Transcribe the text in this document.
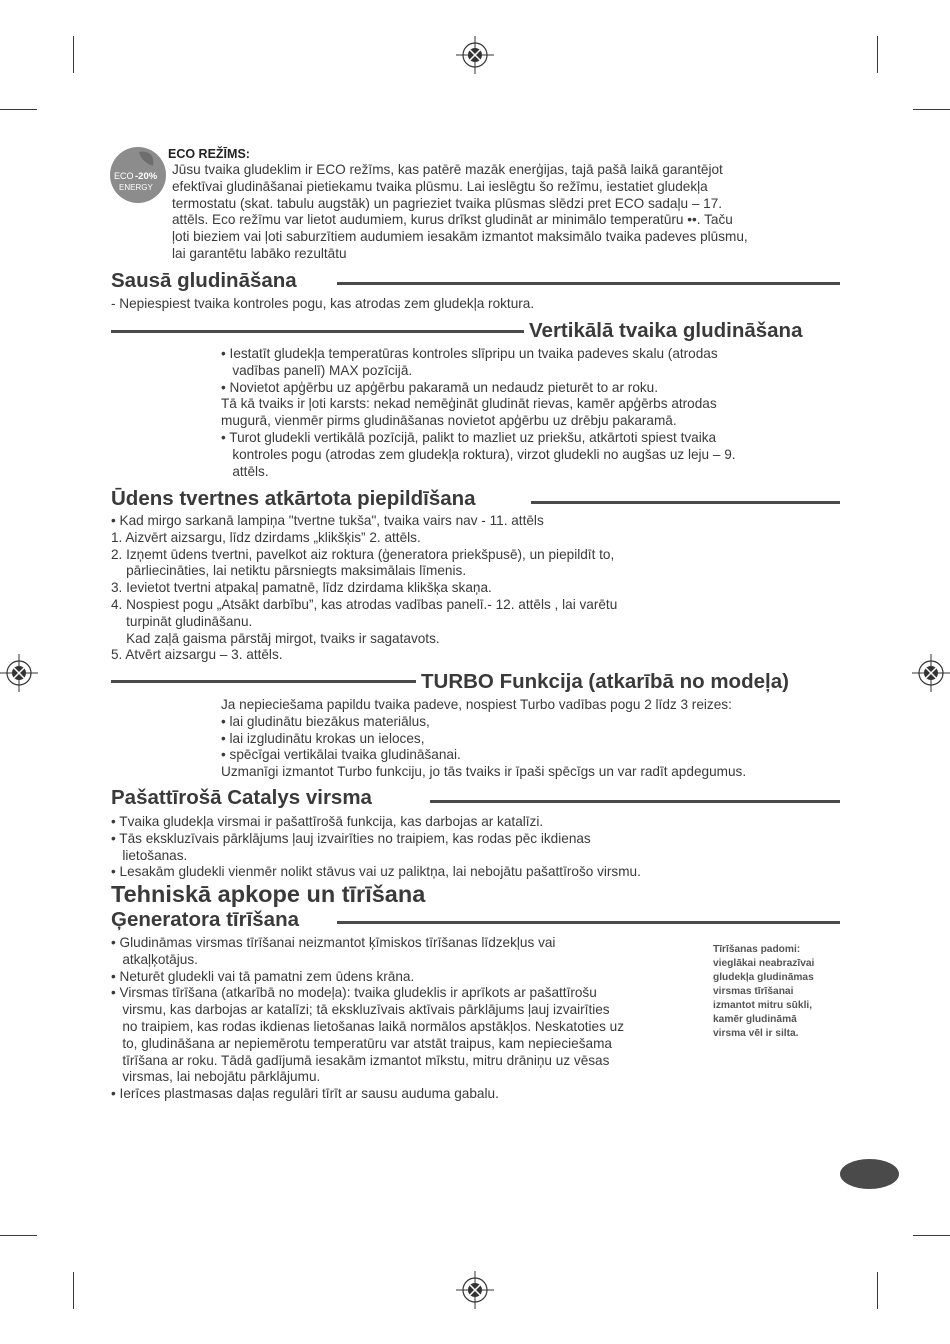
ECO -20%
ENERGY
ECO REŽĪMS:
Jūsu tvaika gludeklim ir ECO režīms, kas patērē mazāk enerģijas, tajā pašā laikā garantējot
efektīvai gludināšanai pietiekamu tvaika plūsmu. Lai ieslēgtu šo režīmu, iestatiet gludekļa
termostatu (skat. tabulu augstāk) un pagrieziet tvaika plūsmas slēdzi pret ECO sadaļu – 17.
attēls. Eco režīmu var lietot audumiem, kurus drīkst gludināt ar minimālo temperatūru ••. Taču
ļoti bieziem vai ļoti saburzītiem audumiem iesakām izmantot maksimālo tvaika padeves plūsmu,
lai garantētu labāko rezultātu
Sausā gludināšana
- Nepiespiest tvaika kontroles pogu, kas atrodas zem gludekļa roktura.
Vertikālā tvaika gludināšana
• Iestatīt gludekļa temperatūras kontroles slīpripu un tvaika padeves skalu (atrodas
vadības panelī) MAX pozīcijā.
• Novietot apģērbu uz apģērbu pakaramā un nedaudz pieturēt to ar roku.
Tā kā tvaiks ir ļoti karsts: nekad nemēģināt gludināt rievas, kamēr apģērbs atrodas
mugurā, vienmēr pirms gludināšanas novietot apģērbu uz drēbju pakaramā.
• Turot gludekli vertikālā pozīcijā, palikt to mazliet uz priekšu, atkārtoti spiest tvaika
kontroles pogu (atrodas zem gludekļa roktura), virzot gludekli no augšas uz leju – 9.
attēls.
Ūdens tvertnes atkārtota piepildīšana
• Kad mirgo sarkanā lampiņa "tvertne tukša", tvaika vairs nav - 11. attēls
1. Aizvērt aizsargu, līdz dzirdams „klikšķis” 2. attēls.
2. Izņemt ūdens tvertni, pavelkot aiz roktura (ģeneratora priekšpusē), un piepildīt to,
pārliecinātie﻿s, lai netiktu pārsniegts maksimālais līmenis.
3. Ievietot tvertni atpakaļ pamatnē, līdz dzirdama klikšķa skaņa.
4. Nospiest pogu „Atsākt darbību”, kas atrodas vadības panelī.- 12. attēls , lai varētu
turpināt gludināšanu.
Kad zaļā gaisma pārstāj mirgot, tvaiks ir sagatavots.
5. Atvērt aizsargu – 3. attēls.
TURBO Funkcija (atkarībā no modeļa)
Ja nepieciešama papildu tvaika padeve, nospiest Turbo vadības pogu 2 līdz 3 reizes:
• lai gludinātu biezākus materiālus,
• lai izgludinātu krokas un ieloces,
• spēcīgai vertikālai tvaika gludināšanai.
Uzmanīgi izmantot Turbo funkciju, jo tās tvaiks ir īpaši spēcīgs un var radīt apdegumus.
Pašattīrošā Catalys virsma
• Tvaika gludekļa virsmai ir pašattīrošā funkcija, kas darbojas ar katalīzi.
• Tās ekskluzīvais pārklājums ļauj izvairīties no traipiem, kas rodas pēc ikdienas
lietošanas.
• Lesakām gludekli vienmēr nolikt stāvus vai uz paliktņa, lai nebojātu pašattīrošo virsmu.
Tehniskā apkope un tīrīšana
Ģeneratora tīrīšana
• Gludināmas virsmas tīrīšanai neizmantot ķīmiskos tīrīšanas līdzekļus vai
atkaļķotājus.
• Neturēt gludekli vai tā pamatni zem ūdens krāna.
• Virsmas tīrīšana (atkarībā no modeļa): tvaika gludeklis ir aprīkots ar pašattīrošu
virsmu, kas darbojas ar katalīzi; tā ekskluzīvais aktīvais pārklājums ļauj izvairīties
no traipiem, kas rodas ikdienas lietošanas laikā normālos apstākļos. Neskatoties uz
to, gludināšana ar nepiemērotu temperatūru var atstāt traipus, kam nepieciešama
tīrīšana ar roku. Tādā gadījumā iesakām izmantot mīkstu, mitru drāniņu uz vēsas
virsmas, lai nebojātu pārklājumu.
• Ierīces plastmasas daļas regulāri tīrīt ar sausu auduma gabalu.
Tīrīšanas padomi:
vieglākai neabrazīvai
gludekļa gludināmas
virsmas tīrīšanai
izmantot mitru sūkli,
kamēr gludināmā
virsma vēl ir silta.
